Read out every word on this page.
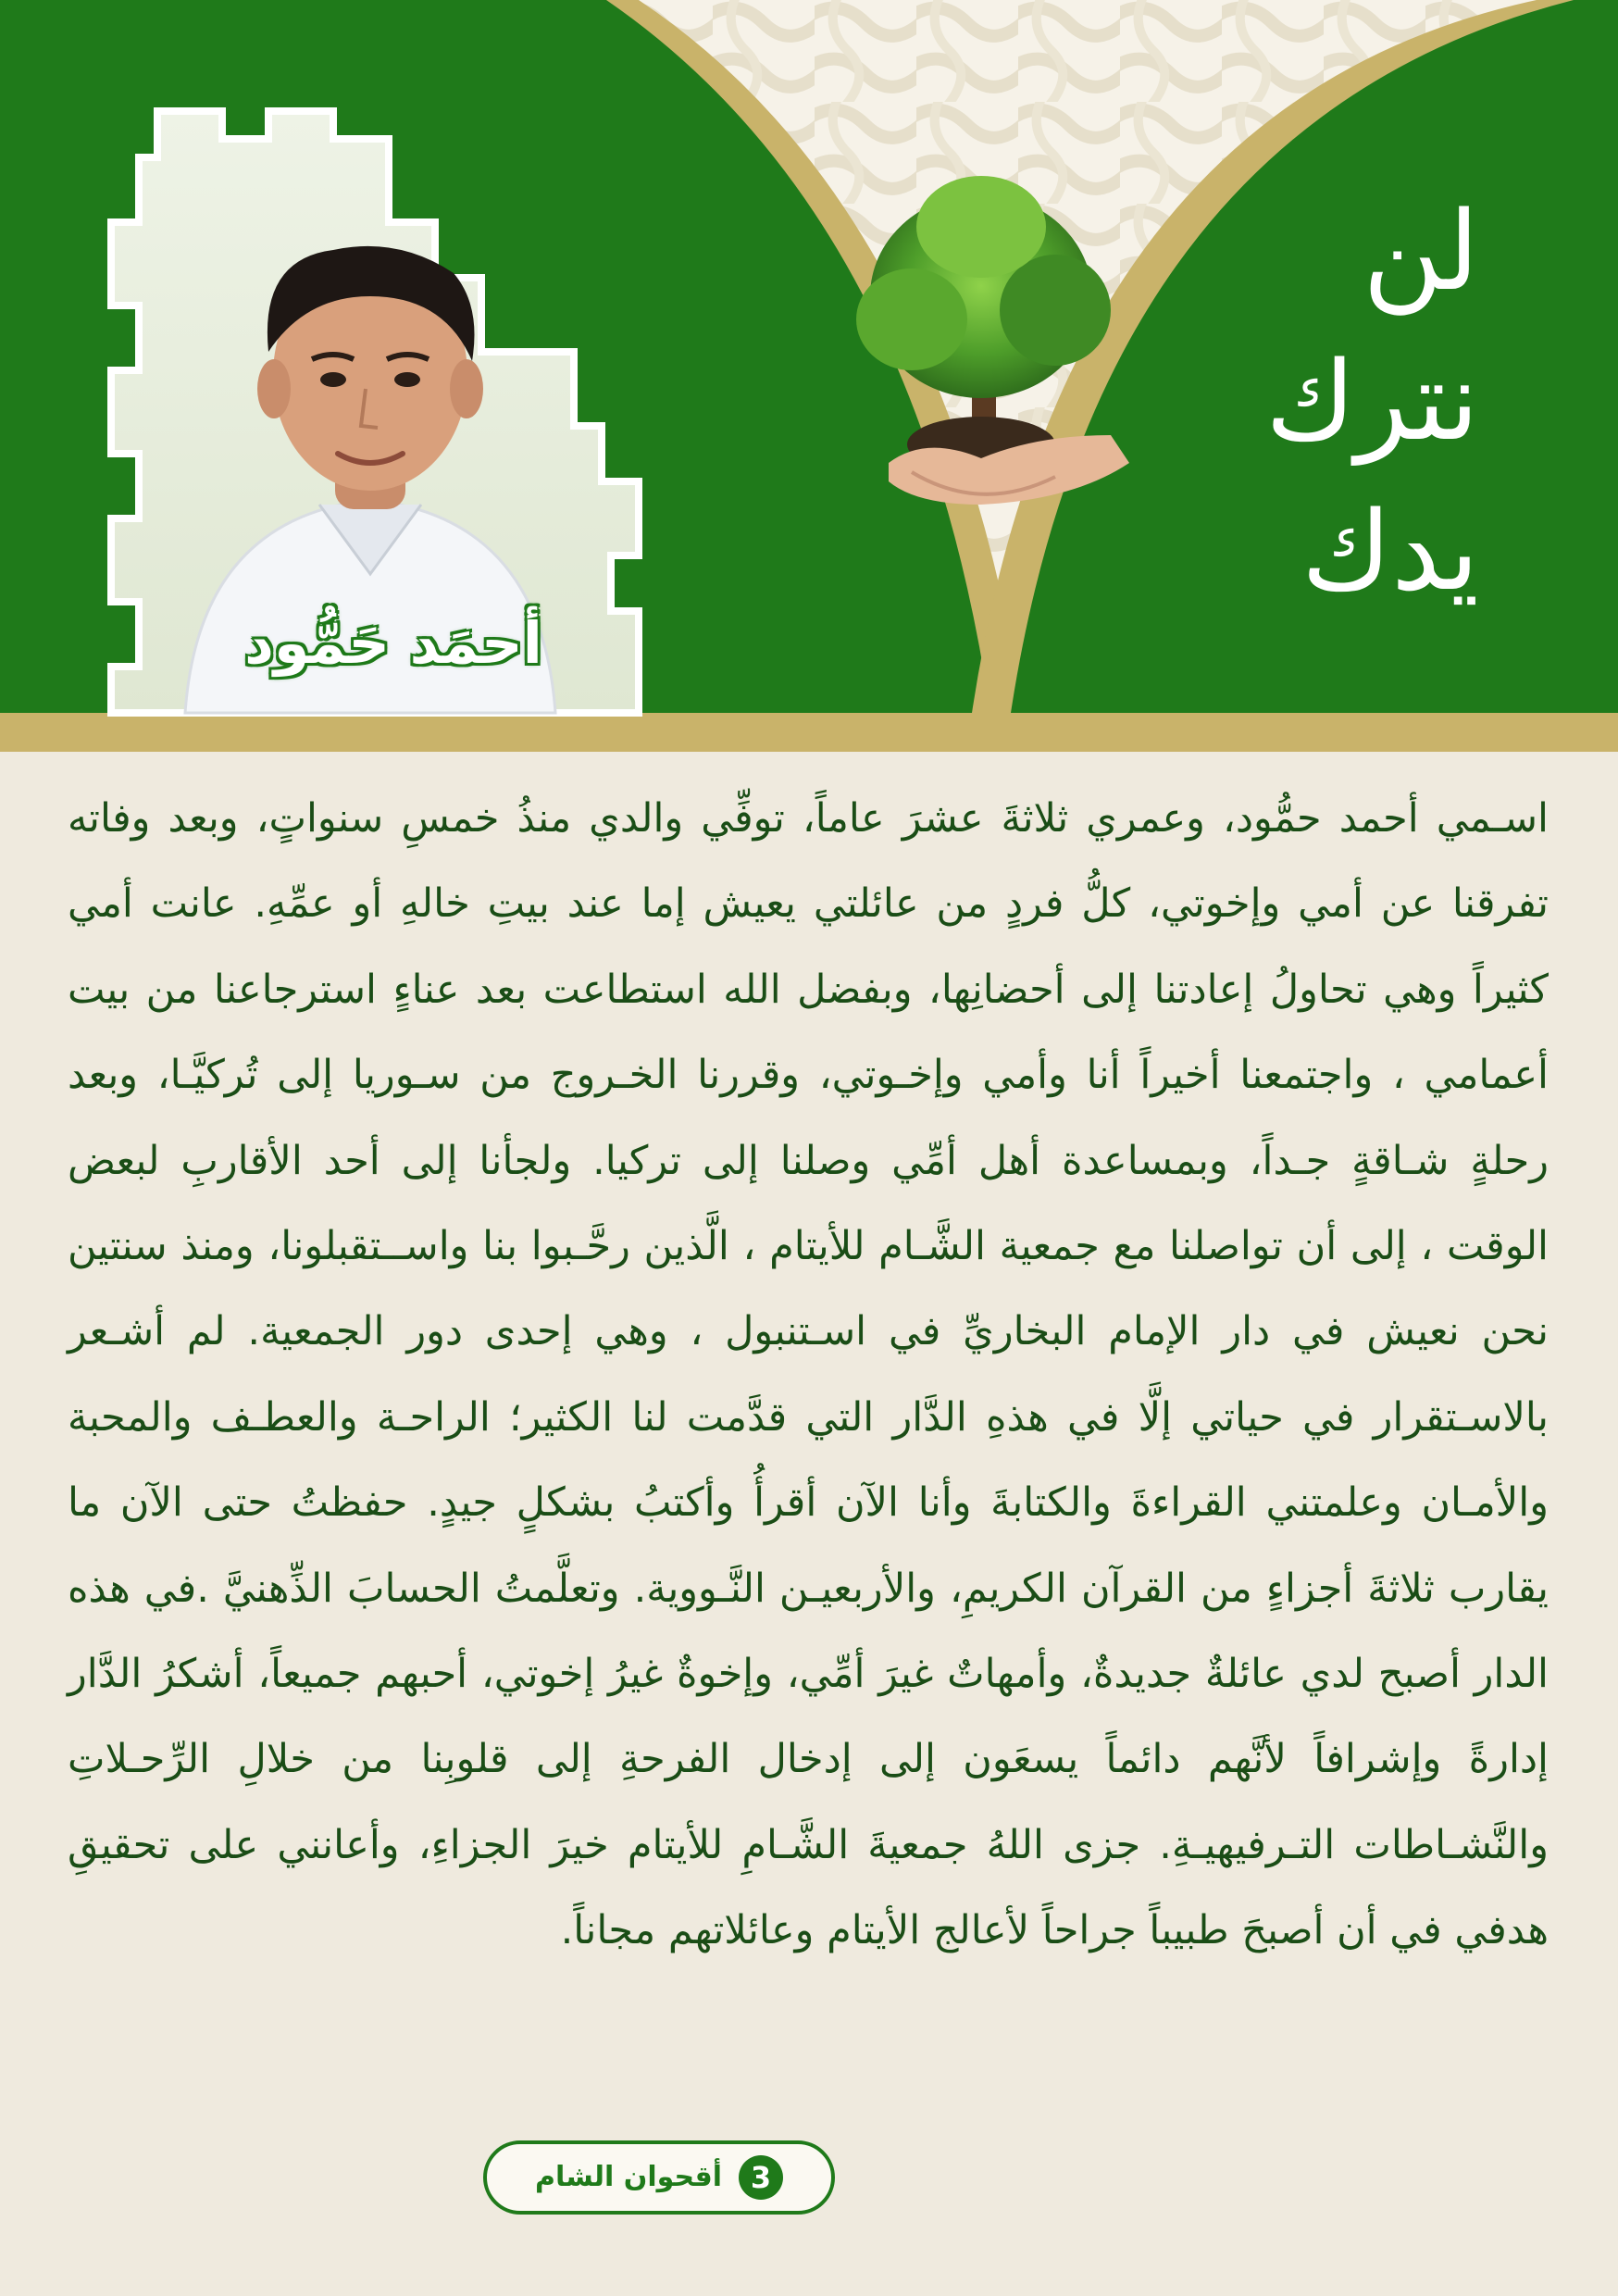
لن
نترك
يدك
أحمَد حَمُّود

اسـمي أحمد حمُّود، وعمري ثلاثةَ عشرَ عاماً، توفِّي والدي منذُ خمسِ سنواتٍ، وبعد وفاته تفرقنا عن أمي وإخوتي، كلُّ فردٍ من عائلتي يعيش إما عند بيتِ خالهِ أو عمِّهِ. عانت أمي كثيراً وهي تحاولُ إعادتنا إلى أحضانِها، وبفضل الله استطاعت بعد عناءٍ استرجاعنا من بيت أعمامي ، واجتمعنا أخيراً أنا وأمي وإخـوتي، وقررنا الخـروج من سـوريا إلى تُركيَّـا، وبعد رحلةٍ شـاقةٍ جـداً، وبمساعدة أهل أمِّي وصلنا إلى تركيا. ولجأنا إلى أحد الأقاربِ لبعض الوقت ، إلى أن تواصلنا مع جمعية الشَّـام للأيتام ، الَّذين رحَّـبوا بنا واســتقبلونا، ومنذ سنتين نحن نعيش في دار الإمام البخاريِّ في اسـتنبول ، وهي إحدى دور الجمعية. لم أشـعر بالاسـتقرار في حياتي إلَّا في هذهِ الدَّار التي قدَّمت لنا الكثير؛ الراحـة والعطـف والمحبة والأمـان وعلمتني القراءةَ والكتابةَ وأنا الآن أقرأُ وأكتبُ بشكلٍ جيدٍ. حفظتُ حتى الآن ما يقارب ثلاثةَ أجزاءٍ من القرآن الكريمِ، والأربعيـن النَّـووية. وتعلَّمتُ الحسابَ الذِّهنيَّ .في هذه الدار أصبح لدي عائلةٌ جديدةٌ، وأمهاتٌ غيرَ أمِّي، وإخوةٌ غيرُ إخوتي، أحبهم جميعاً، أشكرُ الدَّار إدارةً وإشرافاً لأنَّهم دائماً يسعَون إلى إدخال الفرحةِ إلى قلوبِنا من خلالِ الرِّحـلاتِ والنَّشـاطات التـرفيهيـةِ. جزى اللهُ جمعيةَ الشَّـامِ للأيتام خيرَ الجزاءِ، وأعانني على تحقيقِ هدفي في أن أصبحَ طبيباً جراحاً لأعالج الأيتام وعائلاتهم مجاناً.

3
أقحوان الشام
